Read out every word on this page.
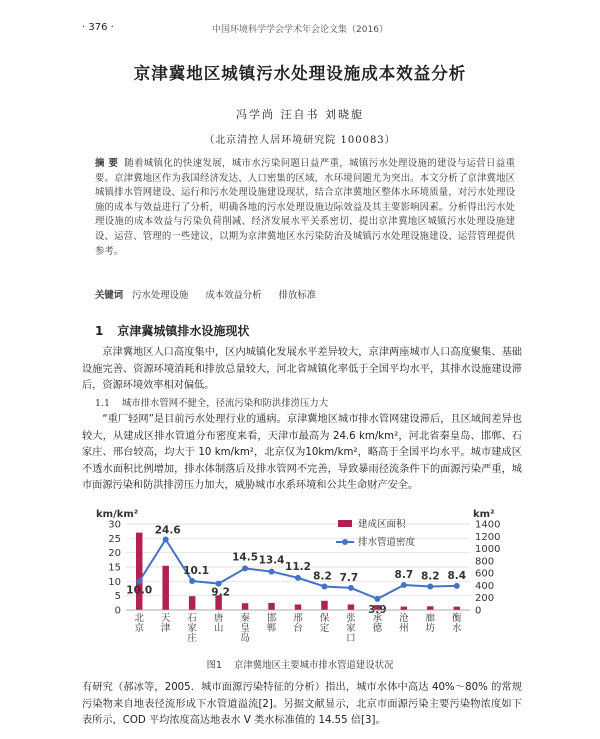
· 376 ·	中国环境科学学会学术年会论文集（2016）
京津冀地区城镇污水处理设施成本效益分析
冯学尚 汪自书 刘晓旎
（北京清控人居环境研究院 100083）
摘 要 随着城镇化的快速发展，城市水污染问题日益严重，城镇污水处理设施的建设与运营日益重要。京津冀地区作为我国经济发达、人口密集的区域，水环境问题尤为突出。本文分析了京津冀地区城镇排水管网建设、运行和污水处理设施建设现状，结合京津冀地区整体水环境质量，对污水处理设施的成本与效益进行了分析，明确各地的污水处理设施边际效益及其主要影响因素。分析得出污水处理设施的成本效益与污染负荷削减、经济发展水平关系密切，提出京津冀地区城镇污水处理设施建设、运营、管理的一些建议，以期为京津冀地区水污染防治及城镇污水处理设施建设、运营管理提供参考。
关键词 污水处理设施 成本效益分析 排放标准
1 京津冀城镇排水设施现状
京津冀地区人口高度集中，区内城镇化发展水平差异较大，京津两座城市人口高度聚集、基础设施完善、资源环境消耗和排放总量较大，河北省城镇化率低于全国平均水平，其排水设施建设滞后，资源环境效率相对偏低。
1.1 城市排水管网不健全，径流污染和防洪排涝压力大
“重厂轻网”是目前污水处理行业的通病。京津冀地区城市排水管网建设滞后，且区域间差异也较大，从建成区排水管道分布密度来看，天津市最高为 24.6 km/km²，河北省秦皇岛、邯郸、石家庄、邢台较高，均大于 10 km/km²，北京仅为10km/km²，略高于全国平均水平。城市建成区不透水面积比例增加，排水体制落后及排水管网不完善，导致暴雨径流条件下的面源污染严重，城市面源污染和防洪排涝压力加大，威胁城市水系环境和公共生命财产安全。
0
5
10
15
20
25
30
0
200
400
600
800
1000
1200
1400
km/km²	km²
10.0
24.6
10.1
9.2
14.5 13.4
11.2
8.2 7.7
3.9
8.7 8.2 8.4
北京
天津
石家庄
唐山
秦皇岛
邯郸
邢台
保定
张家口
承德
沧州
廊坊
衡水
建成区面积
排水管道密度
图1 京津冀地区主要城市排水管道建设状况
有研究（郝冰等，2005．城市面源污染特征的分析）指出，城市水体中高达 40%～80% 的常规污染物来自地表径流形成下水管道溢流[2]。另据文献显示，北京市面源污染主要污染物浓度如下表所示，COD 平均浓度高达地表水 V 类水标准值的 14.55 倍[3]。
